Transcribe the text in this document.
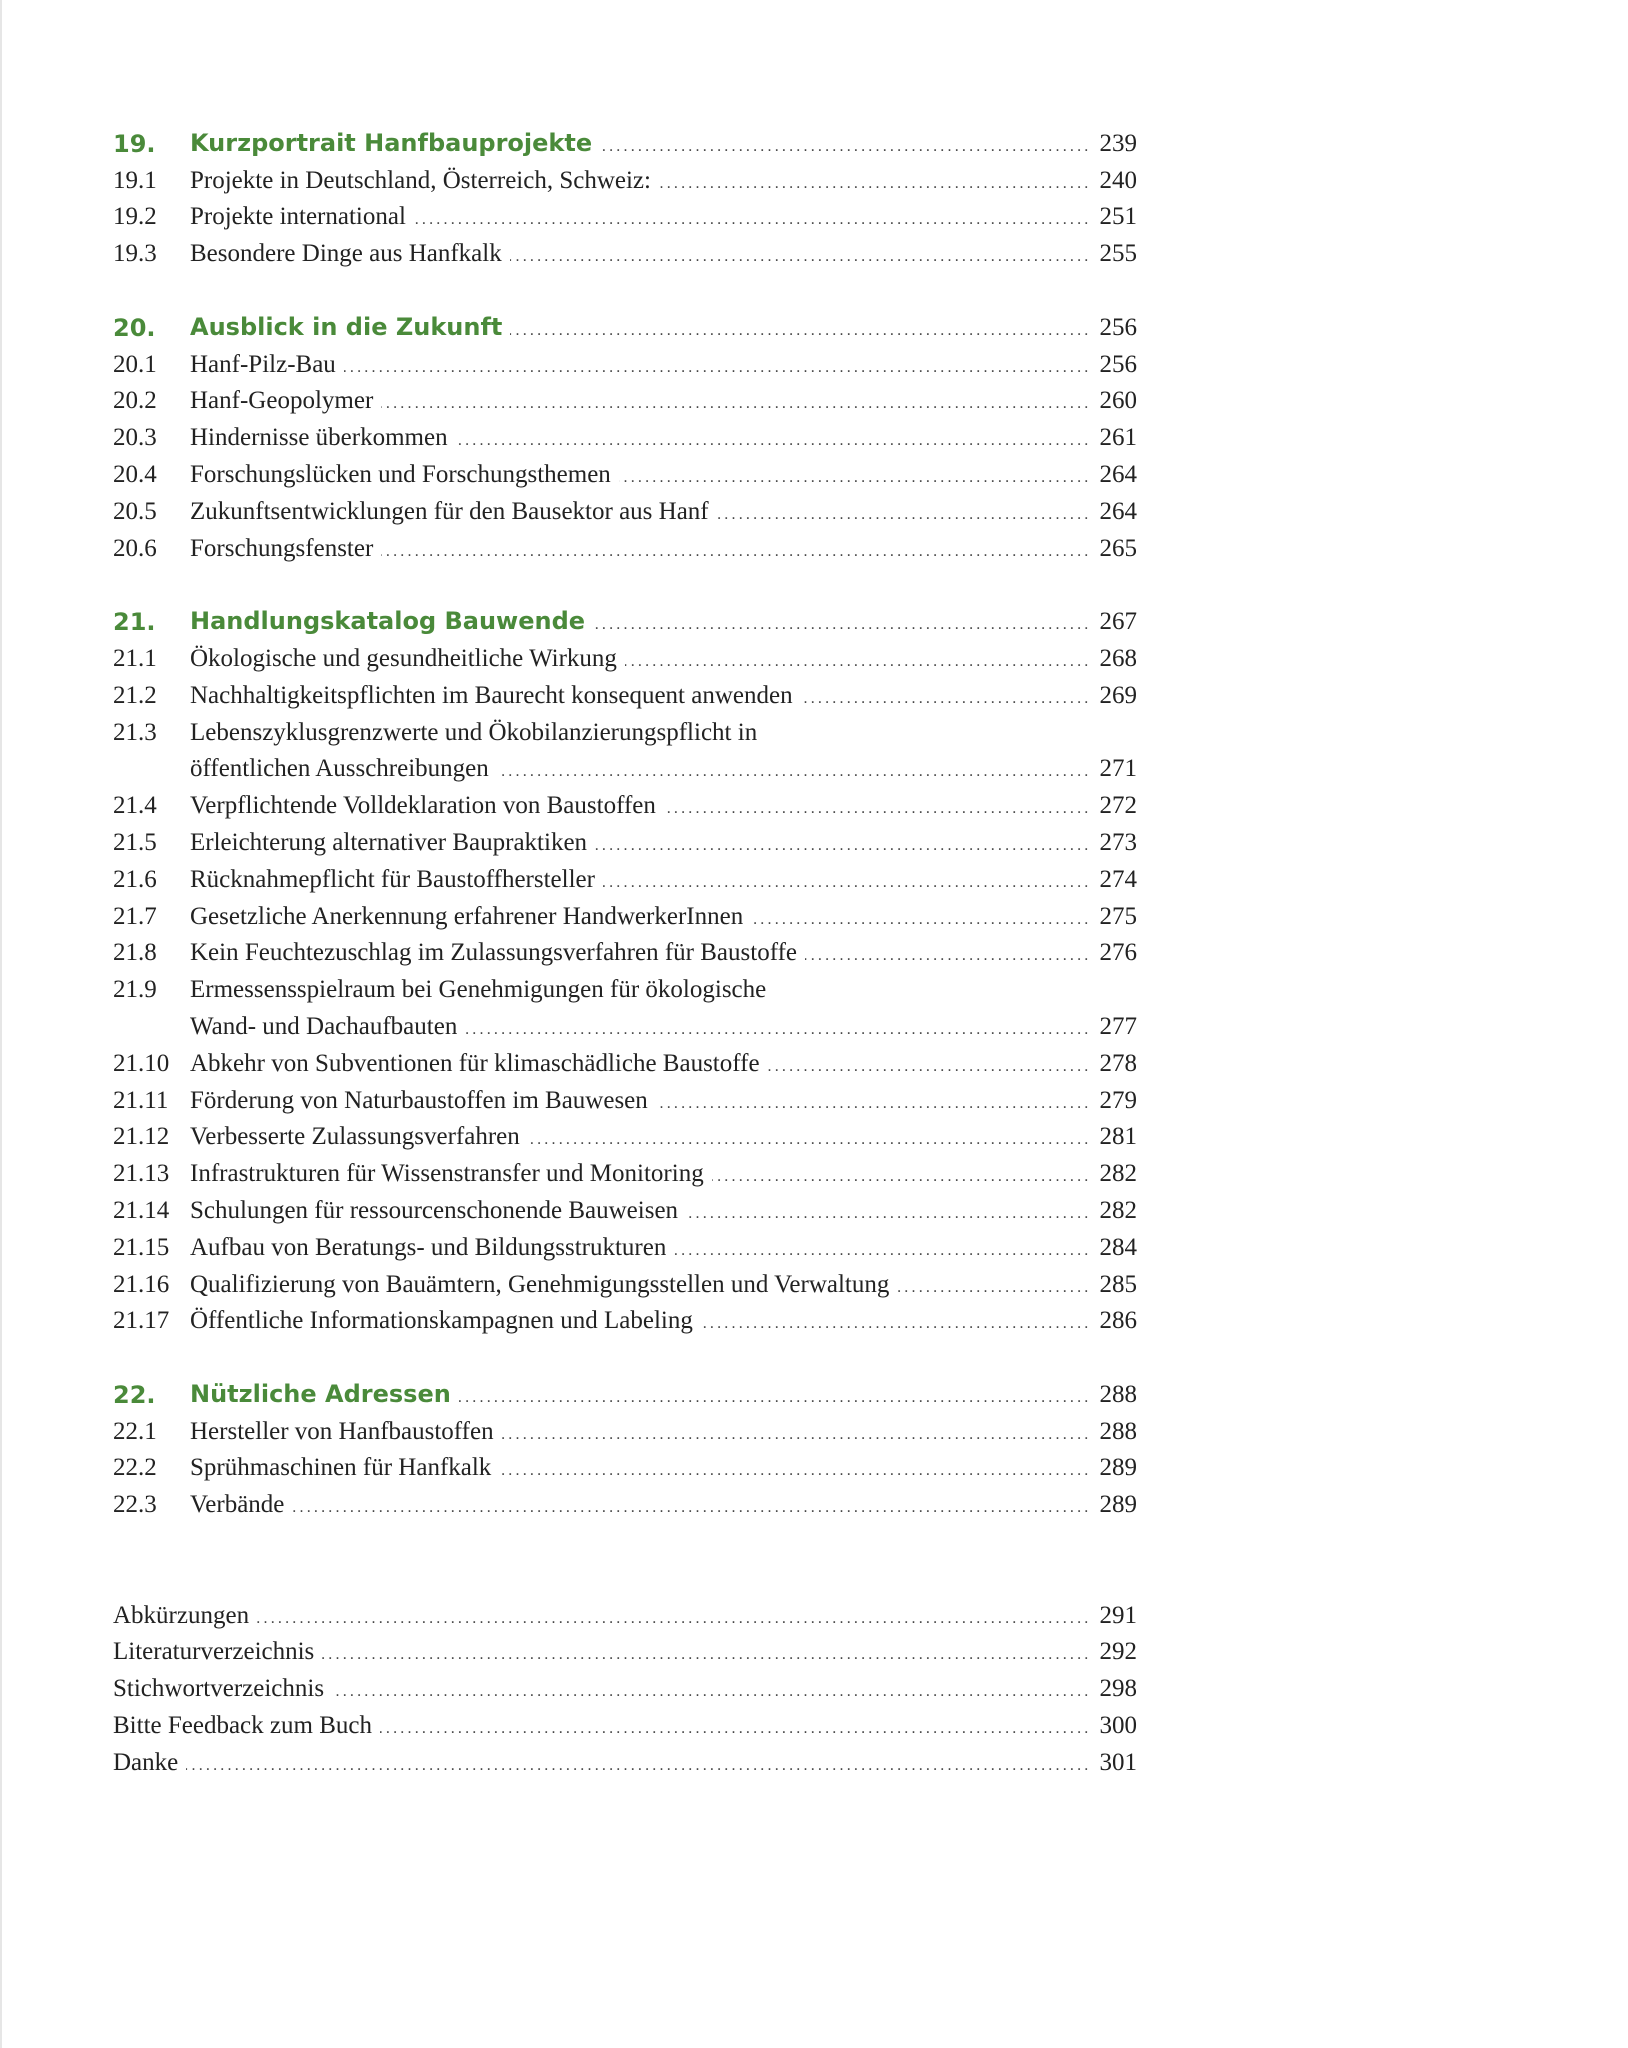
19. Kurzportrait Hanfbauprojekte .....	239
19.1 Projekte in Deutschland, Österreich, Schweiz: .....	240
19.2 Projekte international .....	251
19.3 Besondere Dinge aus Hanfkalk .....	255
20. Ausblick in die Zukunft .....	256
20.1 Hanf-Pilz-Bau .....	256
20.2 Hanf-Geopolymer .....	260
20.3 Hindernisse überkommen .....	261
20.4 Forschungslücken und Forschungsthemen .....	264
20.5 Zukunftsentwicklungen für den Bausektor aus Hanf .....	264
20.6 Forschungsfenster .....	265
21. Handlungskatalog Bauwende .....	267
21.1 Ökologische und gesundheitliche Wirkung .....	268
21.2 Nachhaltigkeitspflichten im Baurecht konsequent anwenden .....	269
21.3 Lebenszyklusgrenzwerte und Ökobilanzierungspflicht in
öffentlichen Ausschreibungen .....	271
21.4 Verpflichtende Volldeklaration von Baustoffen .....	272
21.5 Erleichterung alternativer Baupraktiken .....	273
21.6 Rücknahmepflicht für Baustoffhersteller .....	274
21.7 Gesetzliche Anerkennung erfahrener HandwerkerInnen .....	275
21.8 Kein Feuchtezuschlag im Zulassungsverfahren für Baustoffe .....	276
21.9 Ermessensspielraum bei Genehmigungen für ökologische
Wand- und Dachaufbauten .....	277
21.10 Abkehr von Subventionen für klimaschädliche Baustoffe .....	278
21.11 Förderung von Naturbaustoffen im Bauwesen .....	279
21.12 Verbesserte Zulassungsverfahren .....	281
21.13 Infrastrukturen für Wissenstransfer und Monitoring .....	282
21.14 Schulungen für ressourcenschonende Bauweisen .....	282
21.15 Aufbau von Beratungs- und Bildungsstrukturen .....	284
21.16 Qualifizierung von Bauämtern, Genehmigungsstellen und Verwaltung .....	285
21.17 Öffentliche Informationskampagnen und Labeling .....	286
22. Nützliche Adressen .....	288
22.1 Hersteller von Hanfbaustoffen .....	288
22.2 Sprühmaschinen für Hanfkalk .....	289
22.3 Verbände .....	289
Abkürzungen .....	291
Literaturverzeichnis .....	292
Stichwortverzeichnis .....	298
Bitte Feedback zum Buch .....	300
Danke .....	301
